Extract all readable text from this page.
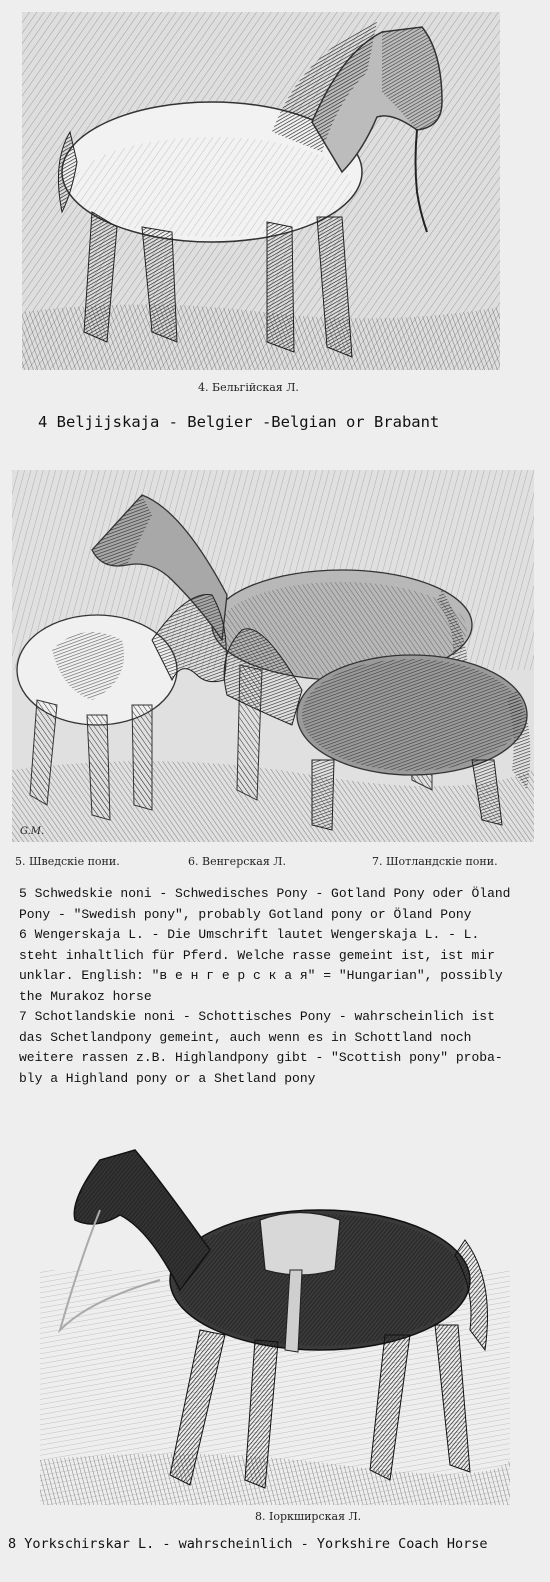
4. Бельгійская Л.
4 Beljijskaja - Belgier -Belgian or Brabant
G.M.
5. Шведскіе пони.	6. Венгерская Л.	7. Шотландскіе пони.
5 Schwedskie noni - Schwedisches Pony - Gotland Pony oder Öland
Pony - "Swedish pony", probably Gotland pony or Öland Pony
6 Wengerskaja L. - Die Umschrift lautet Wengerskaja L. - L.
steht inhaltlich für Pferd. Welche rasse gemeint ist, ist mir
unklar. English: "в е н г е р с к а я" = "Hungarian", possibly
the Murakoz horse
7 Schotlandskie noni - Schottisches Pony - wahrscheinlich ist
das Schetlandpony gemeint, auch wenn es in Schottland noch
weitere rassen z.B. Highlandpony gibt - "Scottish pony" proba-
bly a Highland pony or a Shetland pony
8. Іоркширская Л.
8 Yorkschirskar L. - wahrscheinlich - Yorkshire Coach Horse
